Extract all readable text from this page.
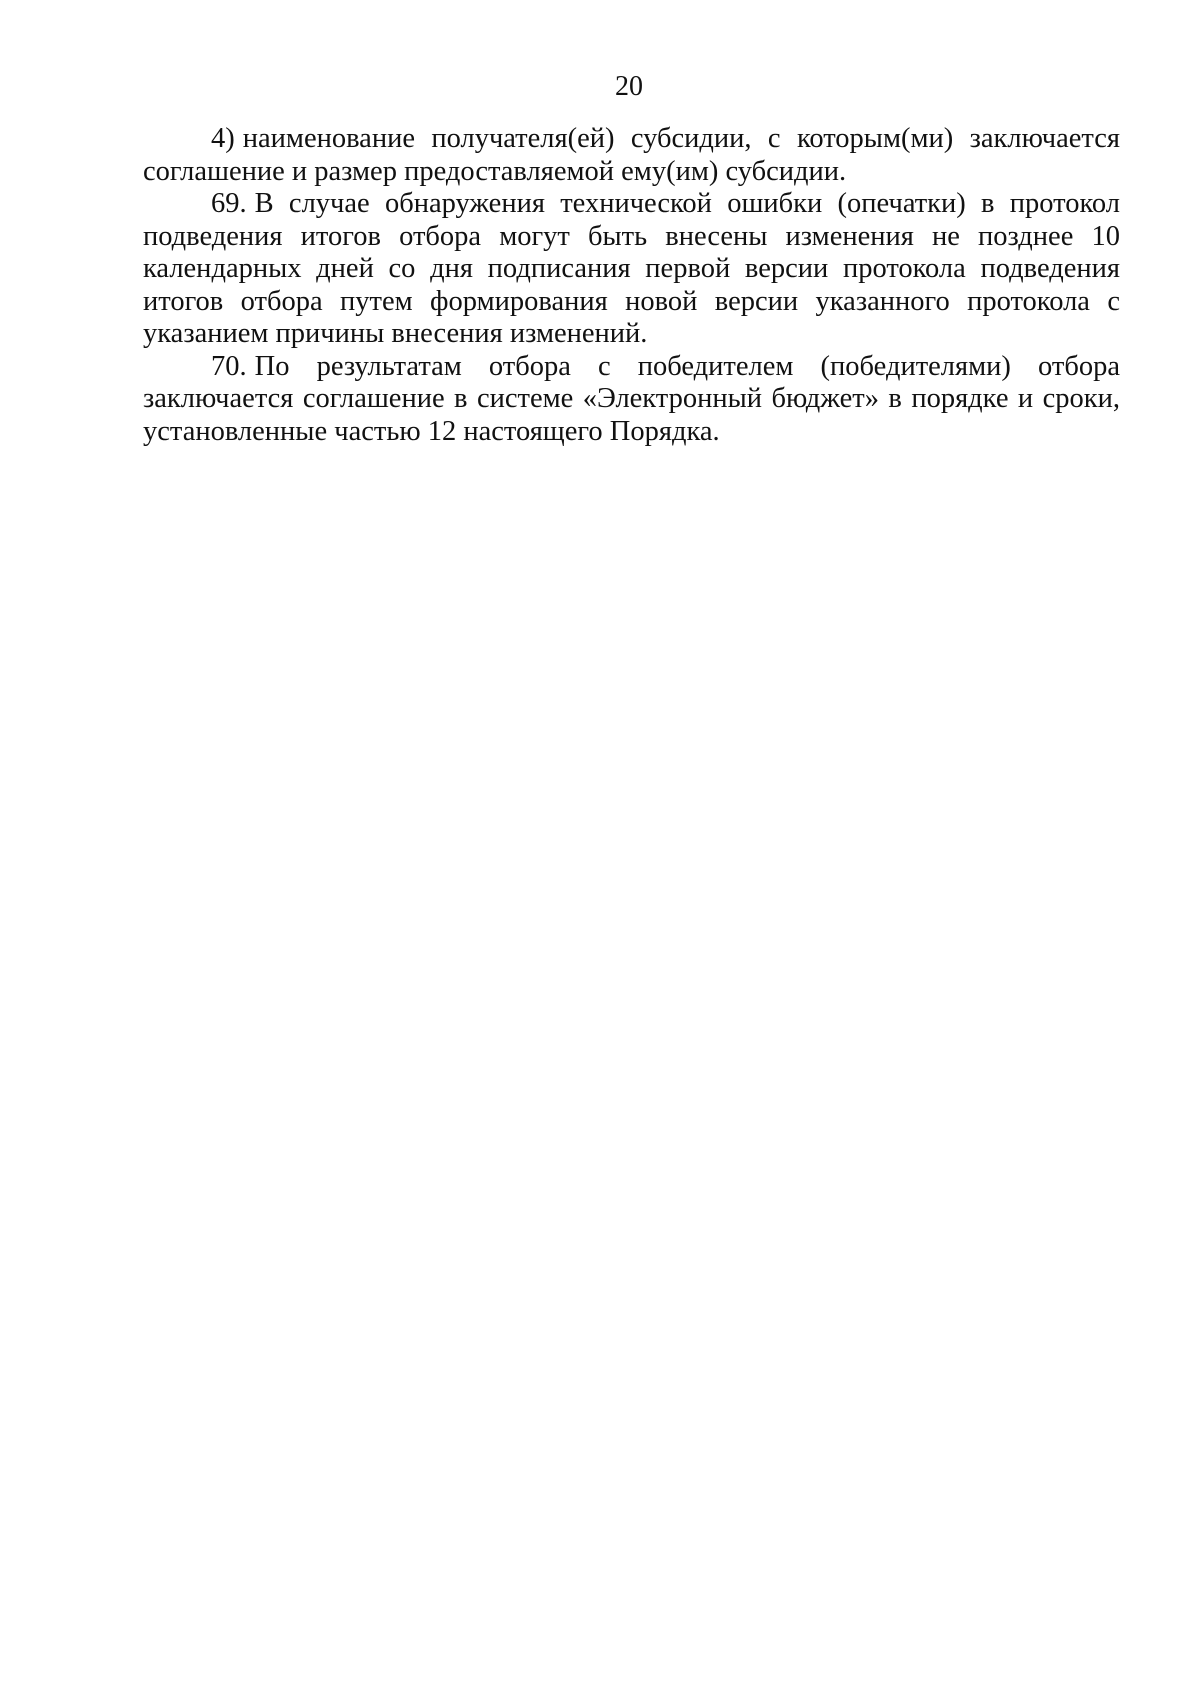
20

4) наименование получателя(ей) субсидии, с которым(ми) заключается соглашение и размер предоставляемой ему(им) субсидии.

69. В случае обнаружения технической ошибки (опечатки) в протокол подведения итогов отбора могут быть внесены изменения не позднее 10 календарных дней со дня подписания первой версии протокола подведения итогов отбора путем формирования новой версии указанного протокола с указанием причины внесения изменений.

70. По результатам отбора с победителем (победителями) отбора заключается соглашение в системе «Электронный бюджет» в порядке и сроки, установленные частью 12 настоящего Порядка.
